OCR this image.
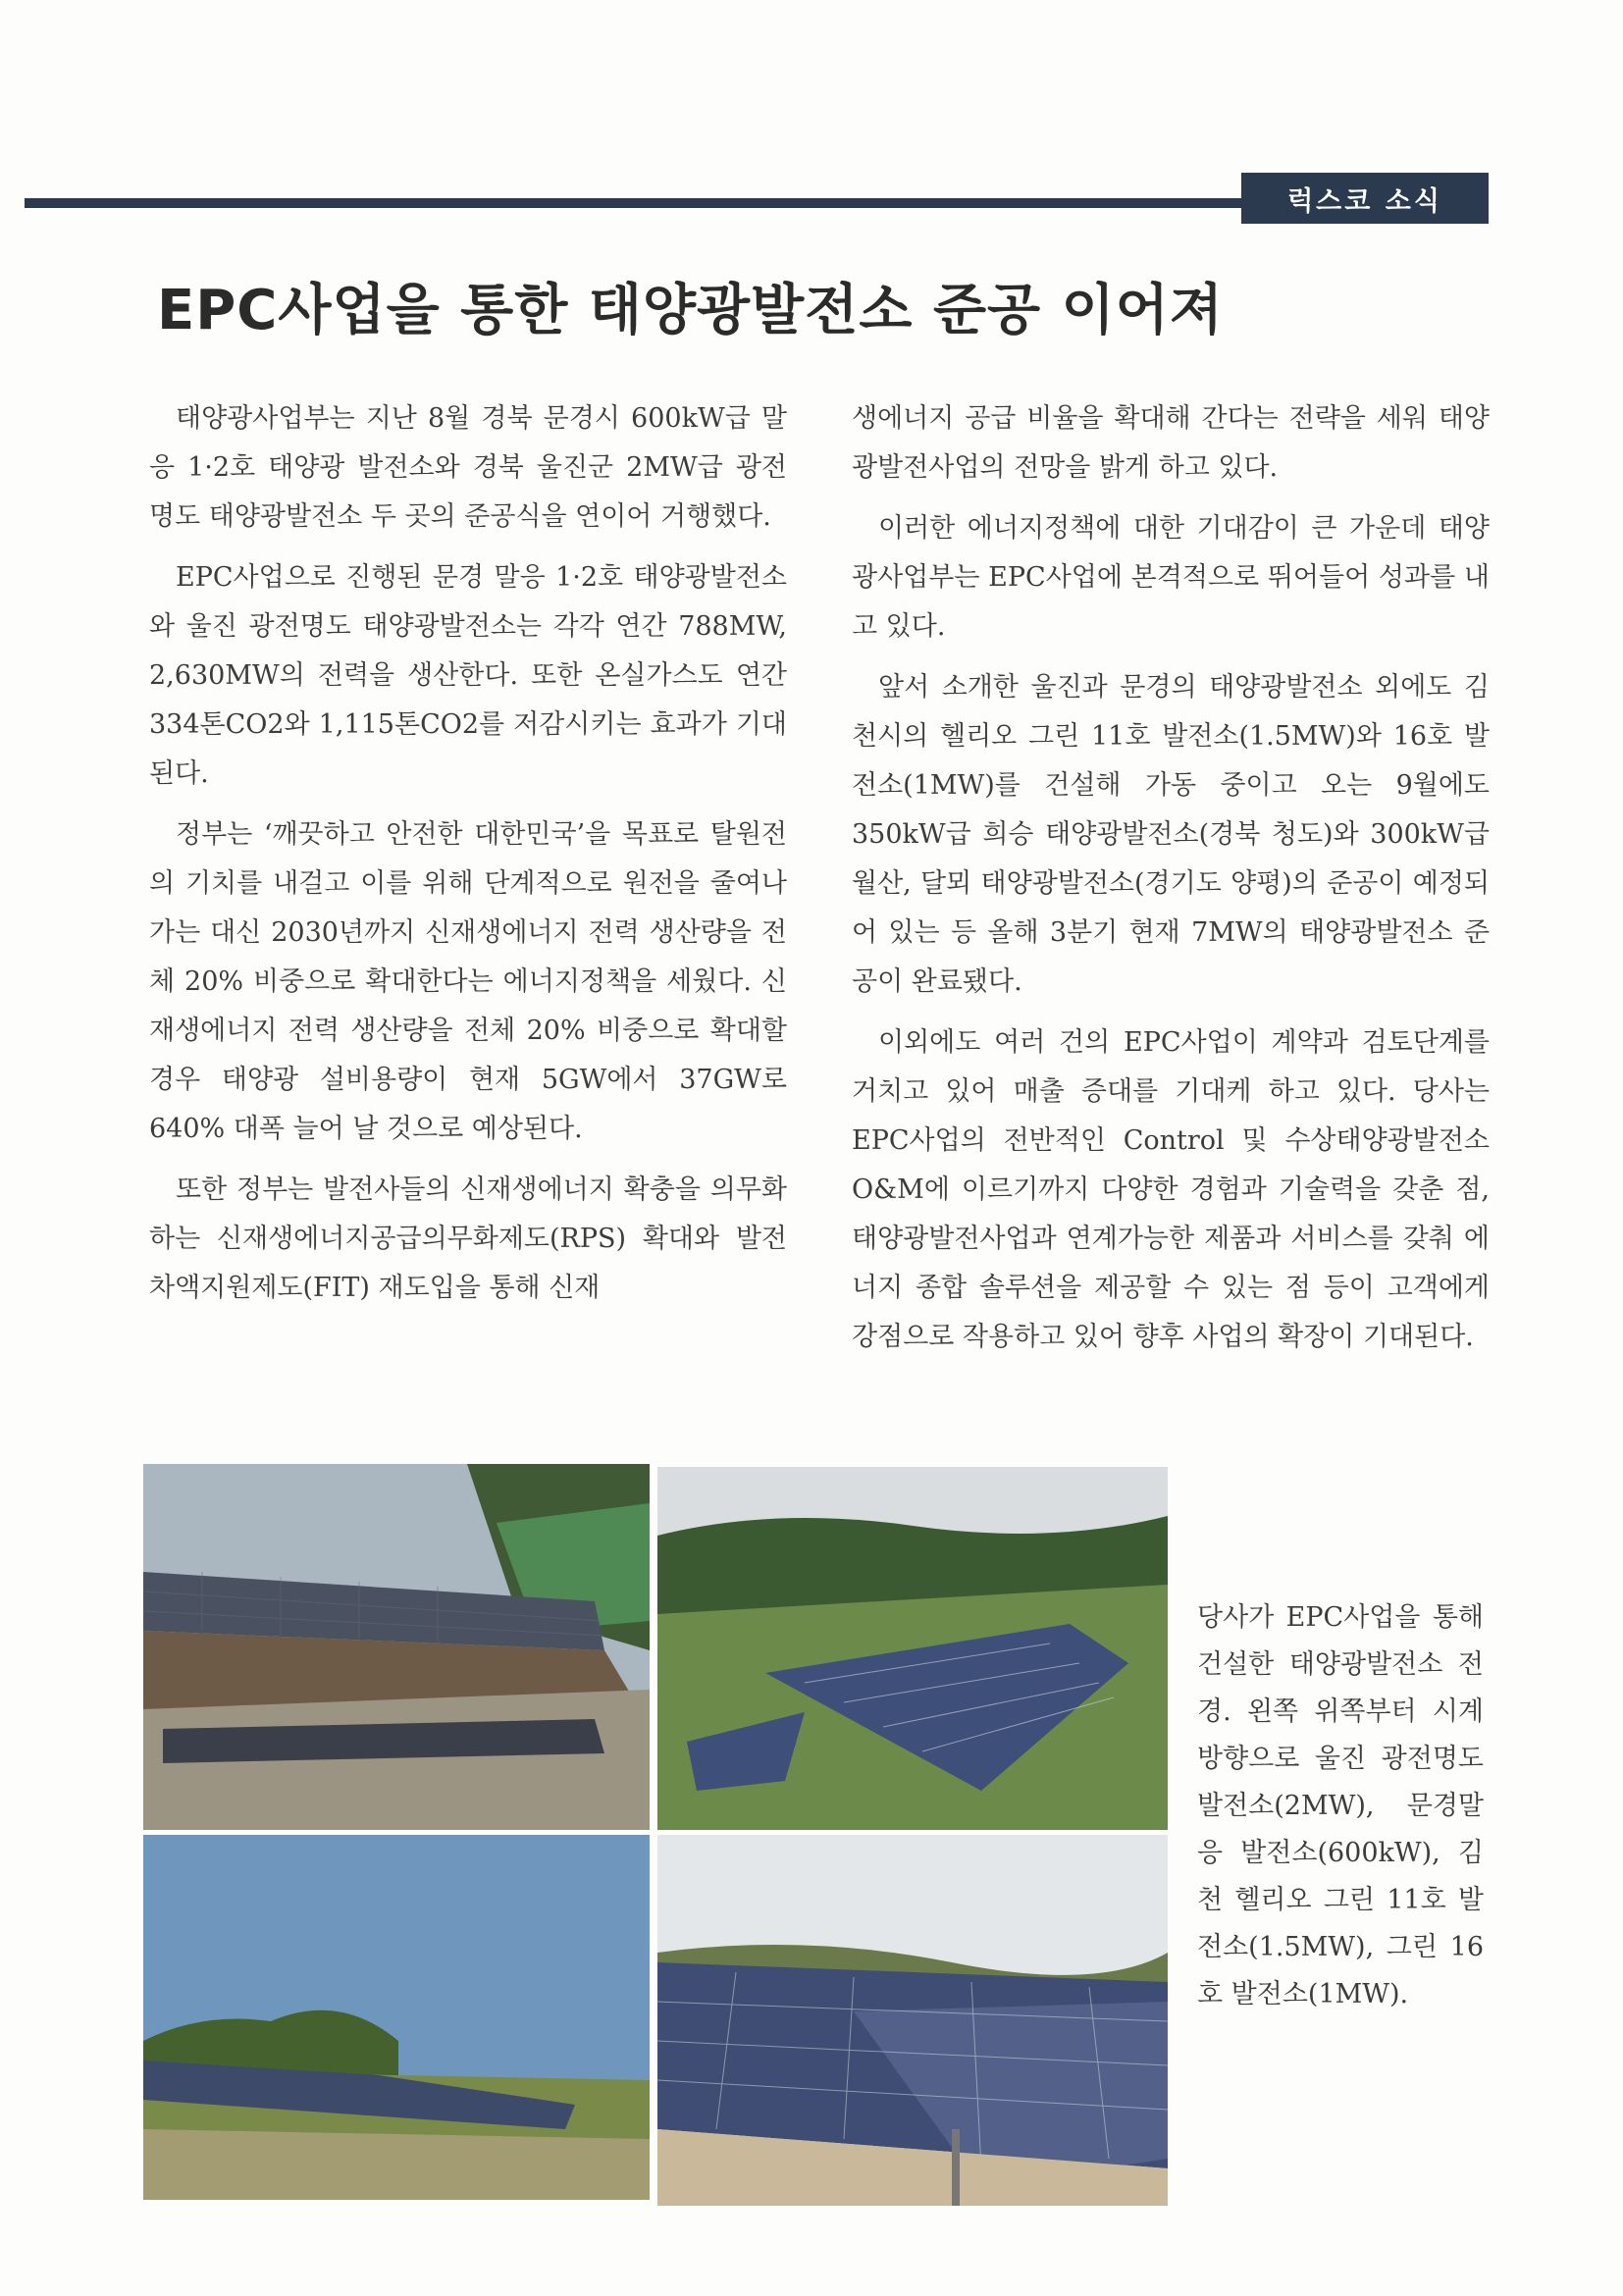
럭스코 소식
EPC사업을 통한 태양광발전소 준공 이어져

태양광사업부는 지난 8월 경북 문경시 600kW급 말응 1·2호 태양광 발전소와 경북 울진군 2MW급 광전 명도 태양광발전소 두 곳의 준공식을 연이어 거행했다.

EPC사업으로 진행된 문경 말응 1·2호 태양광발전소와 울진 광전명도 태양광발전소는 각각 연간 788MW, 2,630MW의 전력을 생산한다. 또한 온실가스도 연간 334톤CO2와 1,115톤CO2를 저감시키는 효과가 기대된다.

정부는 ‘깨끗하고 안전한 대한민국’을 목표로 탈원전의 기치를 내걸고 이를 위해 단계적으로 원전을 줄여나가는 대신 2030년까지 신재생에너지 전력 생산량을 전체 20% 비중으로 확대한다는 에너지정책을 세웠다. 신재생에너지 전력 생산량을 전체 20% 비중으로 확대할 경우 태양광 설비용량이 현재 5GW에서 37GW로 640% 대폭 늘어 날 것으로 예상된다.

또한 정부는 발전사들의 신재생에너지 확충을 의무화하는 신재생에너지공급의무화제도(RPS) 확대와 발전차액지원제도(FIT) 재도입을 통해 신재

생에너지 공급 비율을 확대해 간다는 전략을 세워 태양광발전사업의 전망을 밝게 하고 있다.

이러한 에너지정책에 대한 기대감이 큰 가운데 태양광사업부는 EPC사업에 본격적으로 뛰어들어 성과를 내고 있다.

앞서 소개한 울진과 문경의 태양광발전소 외에도 김천시의 헬리오 그린 11호 발전소(1.5MW)와 16호 발전소(1MW)를 건설해 가동 중이고 오는 9월에도 350kW급 희승 태양광발전소(경북 청도)와 300kW급 월산, 달뫼 태양광발전소(경기도 양평)의 준공이 예정되어 있는 등 올해 3분기 현재 7MW의 태양광발전소 준공이 완료됐다.

이외에도 여러 건의 EPC사업이 계약과 검토단계를 거치고 있어 매출 증대를 기대케 하고 있다. 당사는 EPC사업의 전반적인 Control 및 수상태양광발전소 O&M에 이르기까지 다양한 경험과 기술력을 갖춘 점, 태양광발전사업과 연계가능한 제품과 서비스를 갖춰 에너지 종합 솔루션을 제공할 수 있는 점 등이 고객에게 강점으로 작용하고 있어 향후 사업의 확장이 기대된다.

당사가 EPC사업을 통해 건설한 태양광발전소 전경. 왼쪽 위쪽부터 시계 방향으로 울진 광전명도 발전소(2MW), 문경말응 발전소(600kW), 김천 헬리오 그린 11호 발전소(1.5MW), 그린 16호 발전소(1MW).
